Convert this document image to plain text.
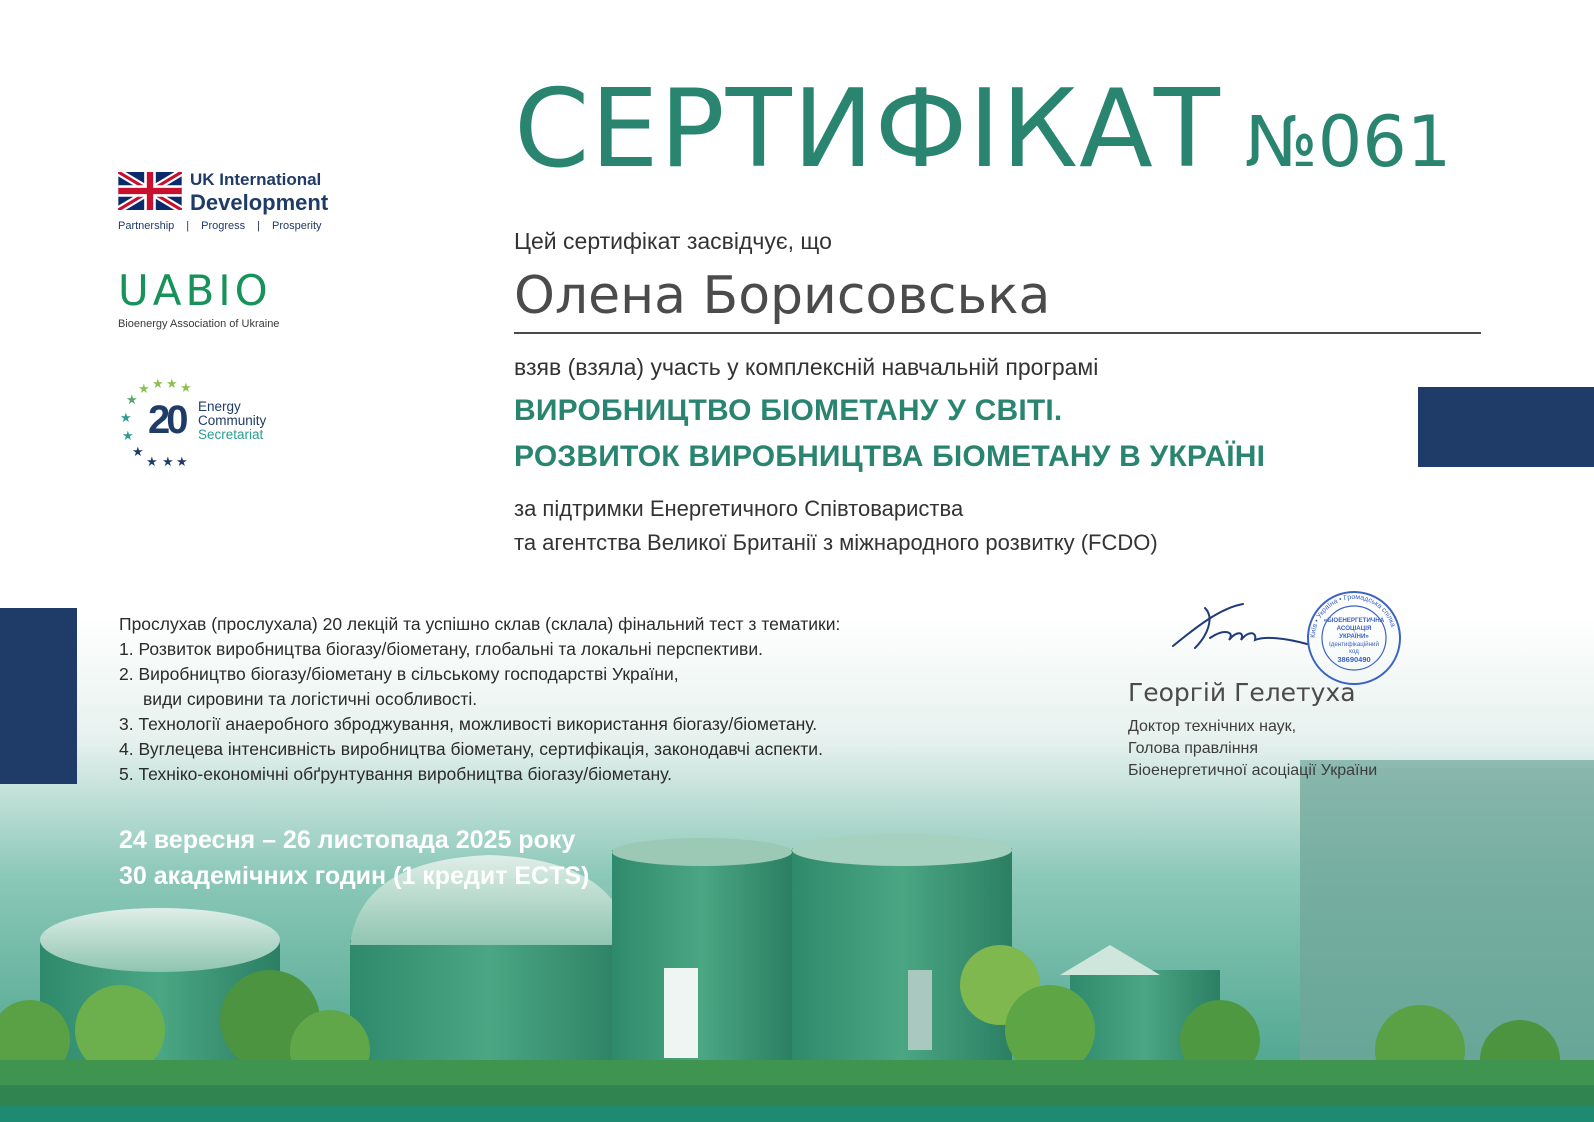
UK International
Development
Partnership | Progress | Prosperity
UABIO
Bioenergy Association of Ukraine
★
★ ★
★
★
★
★
★ ★ ★
★
20 Energy
Community
Secretariat
СЕРТИФІКАТ №061
Цей сертифікат засвідчує, що
Олена Борисовська
взяв (взяла) участь у комплексній навчальній програмі
ВИРОБНИЦТВО БІОМЕТАНУ У СВІТІ.
РОЗВИТОК ВИРОБНИЦТВА БІОМЕТАНУ В УКРАЇНІ
за підтримки Енергетичного Співтовариства
та агентства Великої Британії з міжнародного розвитку (FCDO)
Прослухав (прослухала) 20 лекцій та успішно склав (склала) фінальний тест з тематики:
1. Розвиток виробництва біогазу/біометану, глобальні та локальні перспективи.
2. Виробництво біогазу/біометану в сільському господарстві України,
види сировини та логістичні особливості.
3. Технології анаеробного зброджування, можливості використання біогазу/біометану.
4. Вуглецева інтенсивність виробництва біометану, сертифікація, законодавчі аспекти.
5. Техніко-економічні обґрунтування виробництва біогазу/біометану.
24 вересня – 26 листопада 2025 року
30 академічних годин (1 кредит ECTS)
Київ • Україна • Громадська спілка
«БІОЕНЕРГЕТИЧНА
АСОЦІАЦІЯ
УКРАЇНИ»
Ідентифікаційний
код
38690490
Георгій Гелетуха
Доктор технічних наук,
Голова правління
Біоенергетичної асоціації України
